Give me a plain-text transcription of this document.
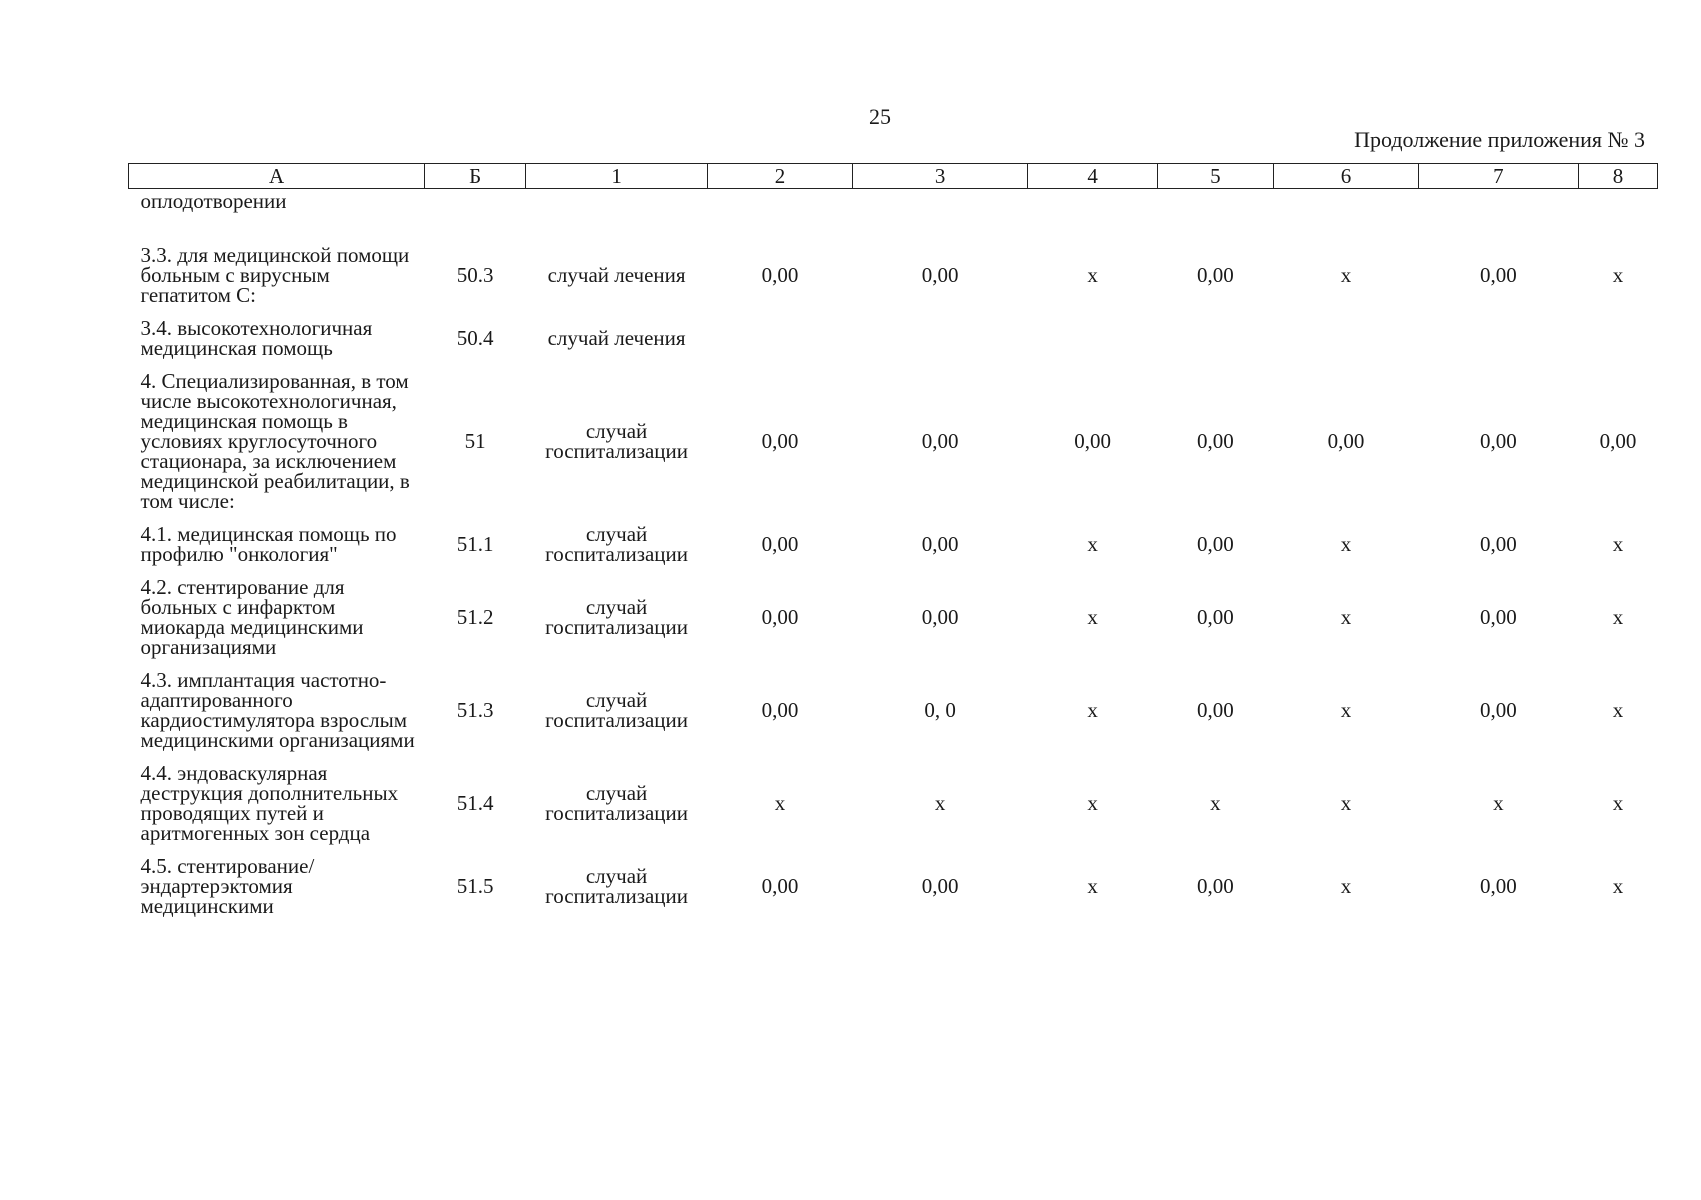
25
Продолжение приложения № 3
А	Б	1	2	3	4	5	6	7	8
оплодотворении									
3.3. для медицинской помощи больным с вирусным гепатитом С:	50.3	случай лечения	0,00	0,00	х	0,00	х	0,00	х
3.4. высокотехнологичная медицинская помощь	50.4	случай лечения							
4. Специализированная, в том числе высокотехнологичная, медицинская помощь в условиях круглосуточного стационара, за исключением медицинской реабилитации, в том числе:	51	случай госпитализации	0,00	0,00	0,00	0,00	0,00	0,00	0,00
4.1. медицинская помощь по профилю "онкология"	51.1	случай госпитализации	0,00	0,00	х	0,00	х	0,00	х
4.2. стентирование для больных с инфарктом миокарда медицинскими организациями	51.2	случай госпитализации	0,00	0,00	х	0,00	х	0,00	х
4.3. имплантация частотно-адаптированного кардиостимулятора взрослым медицинскими организациями	51.3	случай госпитализации	0,00	0, 0	х	0,00	х	0,00	х
4.4. эндоваскулярная деструкция дополнительных проводящих путей и аритмогенных зон сердца	51.4	случай госпитализации	х	х	х	х	х	х	х
4.5. стентирование/ эндартерэктомия медицинскими	51.5	случай госпитализации	0,00	0,00	х	0,00	х	0,00	х
